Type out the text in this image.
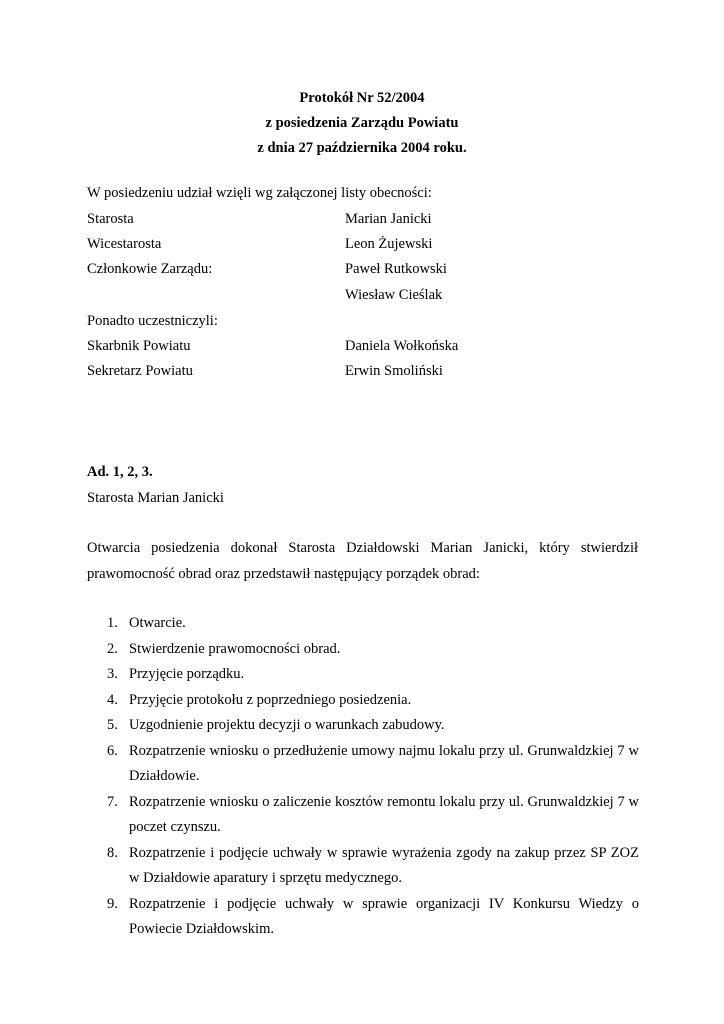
Protokół Nr 52/2004
z posiedzenia Zarządu Powiatu
z dnia 27 października 2004 roku.
W posiedzeniu udział wzięli wg załączonej listy obecności:
Starosta	Marian Janicki
Wicestarosta	Leon Żujewski
Członkowie Zarządu:	Paweł Rutkowski
Wiesław Cieślak
Ponadto uczestniczyli:
Skarbnik Powiatu	Daniela Wołkońska
Sekretarz Powiatu	Erwin Smoliński
Ad. 1, 2, 3.
Starosta Marian Janicki
Otwarcia posiedzenia dokonał Starosta Działdowski Marian Janicki, który stwierdził prawomocność obrad oraz przedstawił następujący porządek obrad:
1. Otwarcie.
2. Stwierdzenie prawomocności obrad.
3. Przyjęcie porządku.
4. Przyjęcie protokołu z poprzedniego posiedzenia.
5. Uzgodnienie projektu decyzji o warunkach zabudowy.
6. Rozpatrzenie wniosku o przedłużenie umowy najmu lokalu przy ul. Grunwaldzkiej 7 w Działdowie.
7. Rozpatrzenie wniosku o zaliczenie kosztów remontu lokalu przy ul. Grunwaldzkiej 7 w poczet czynszu.
8. Rozpatrzenie i podjęcie uchwały w sprawie wyrażenia zgody na zakup przez SP ZOZ w Działdowie aparatury i sprzętu medycznego.
9. Rozpatrzenie i podjęcie uchwały w sprawie organizacji IV Konkursu Wiedzy o Powiecie Działdowskim.
